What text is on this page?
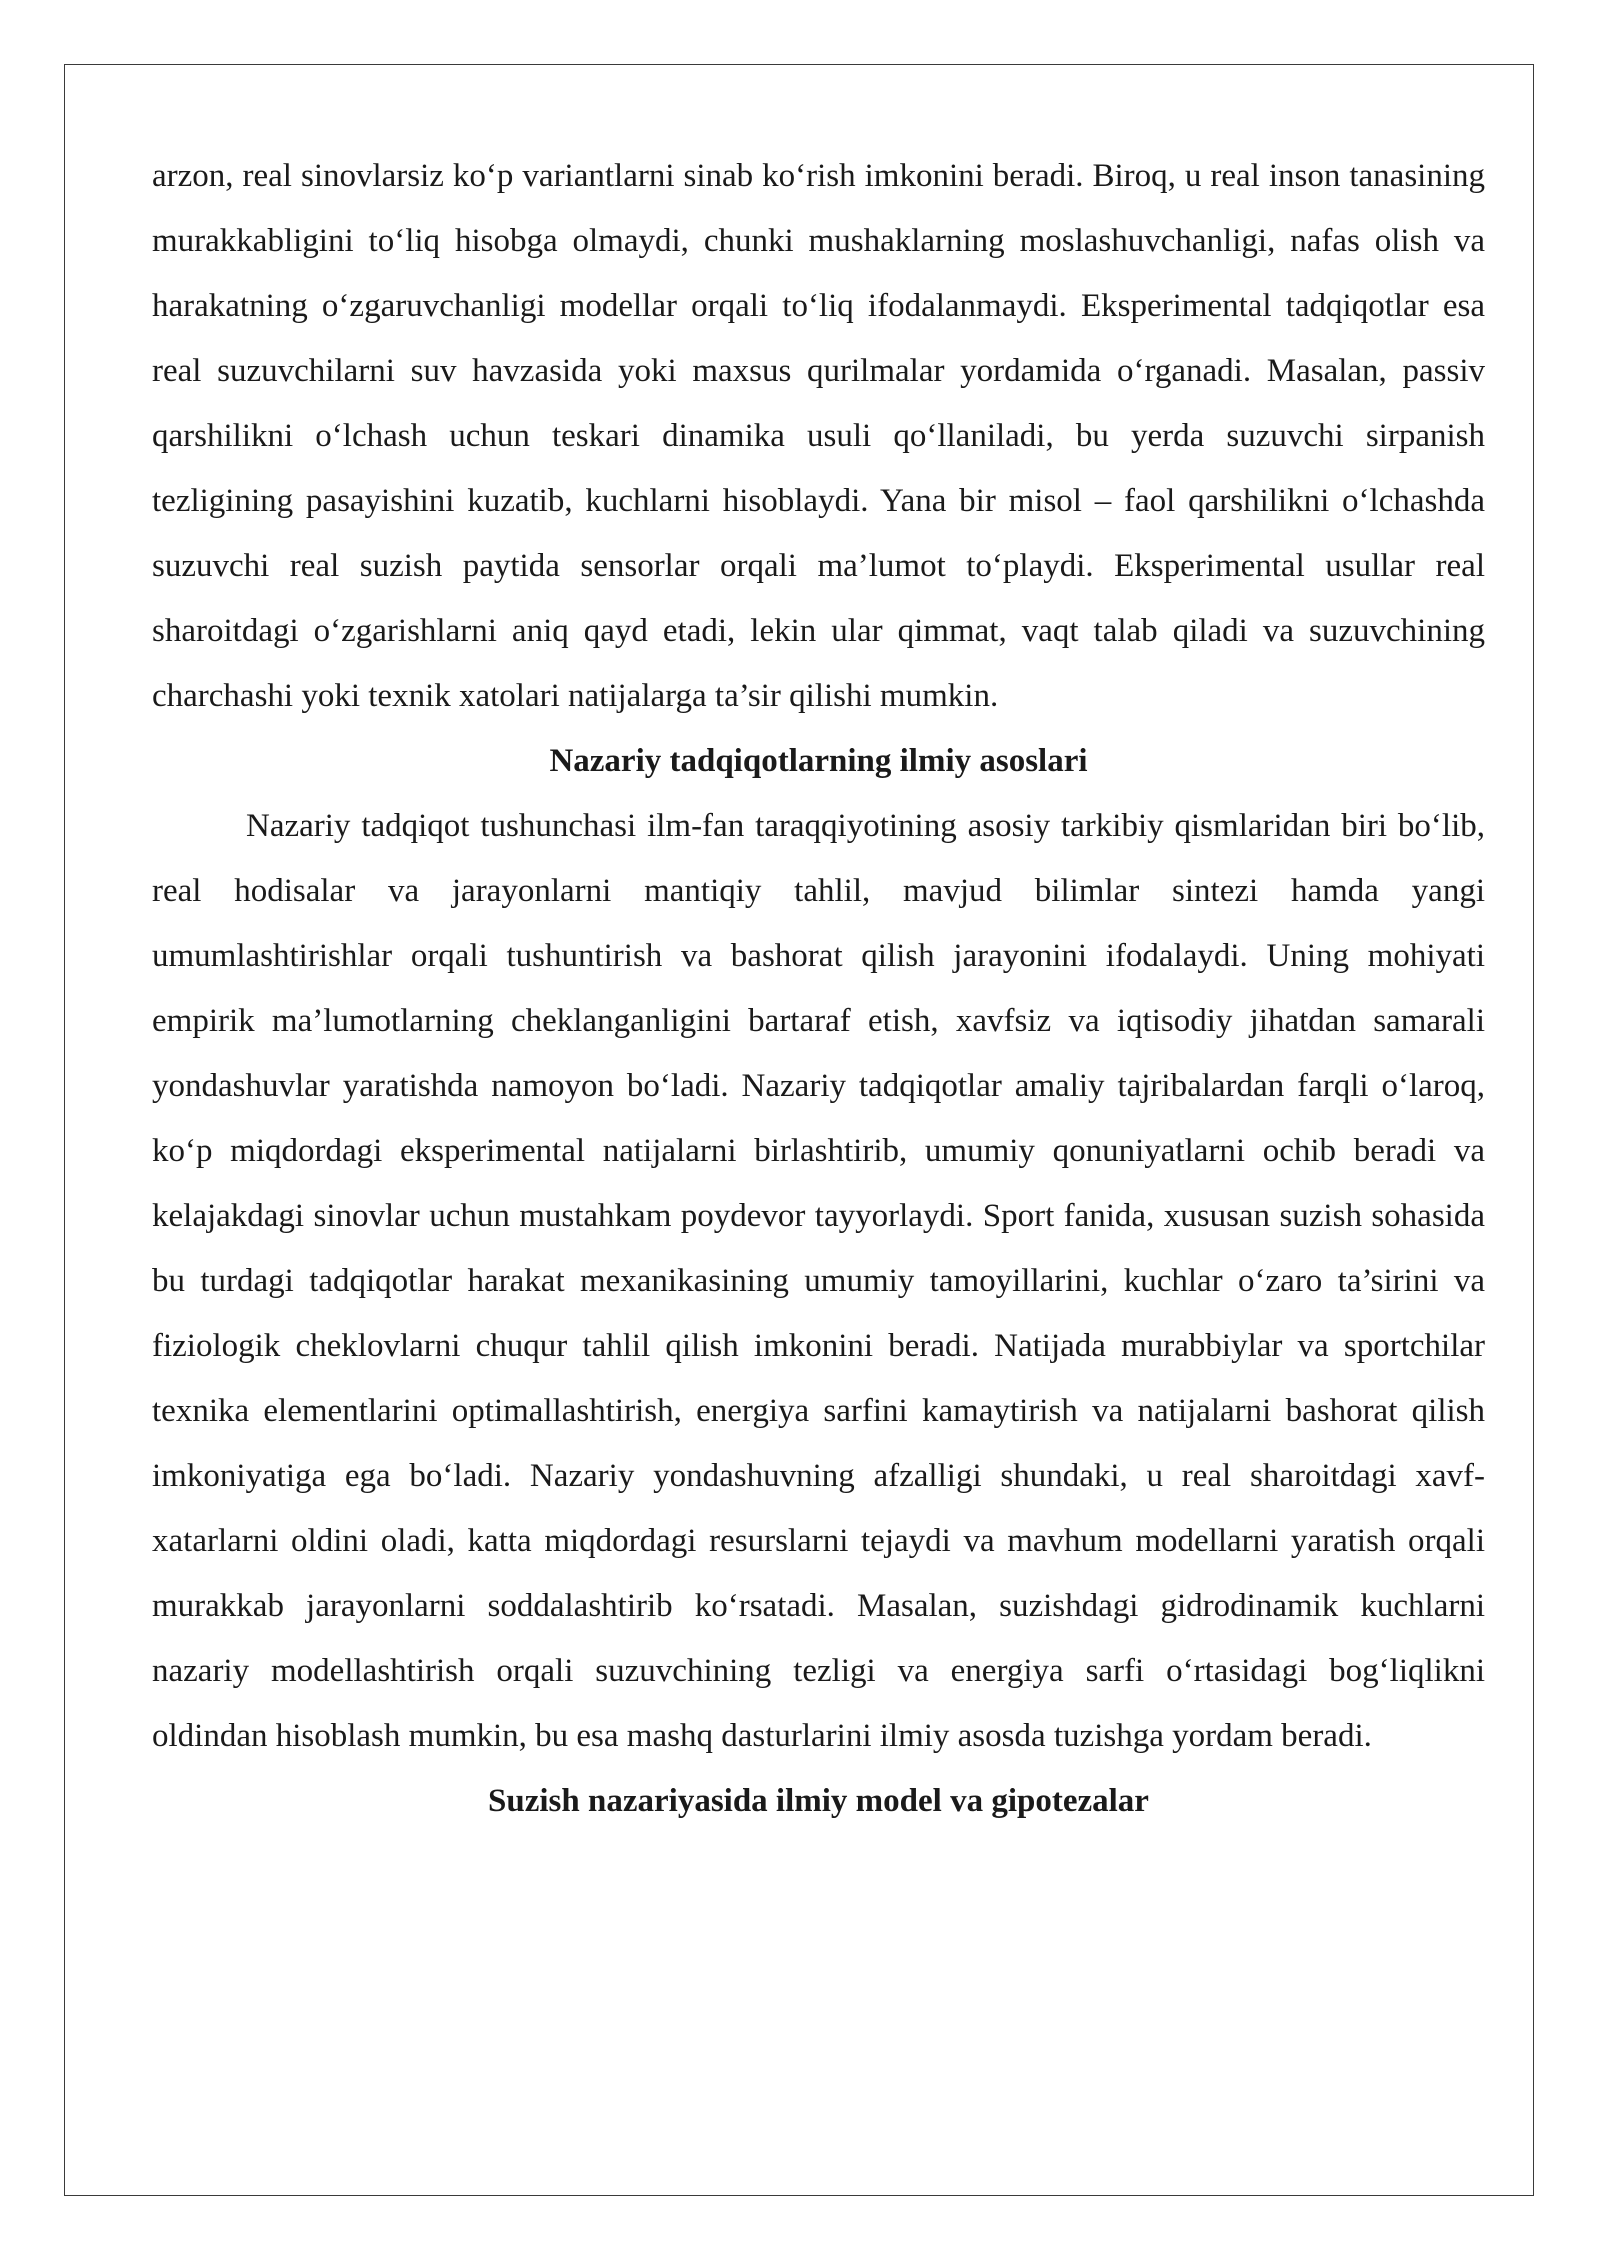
arzon, real sinovlarsiz ko‘p variantlarni sinab ko‘rish imkonini beradi. Biroq, u real inson tanasining murakkabligini to‘liq hisobga olmaydi, chunki mushaklarning moslashuvchanligi, nafas olish va harakatning o‘zgaruvchanligi modellar orqali to‘liq ifodalanmaydi. Eksperimental tadqiqotlar esa real suzuvchilarni suv havzasida yoki maxsus qurilmalar yordamida o‘rganadi. Masalan, passiv qarshilikni o‘lchash uchun teskari dinamika usuli qo‘llaniladi, bu yerda suzuvchi sirpanish tezligining pasayishini kuzatib, kuchlarni hisoblaydi. Yana bir misol – faol qarshilikni o‘lchashda suzuvchi real suzish paytida sensorlar orqali ma’lumot to‘playdi. Eksperimental usullar real sharoitdagi o‘zgarishlarni aniq qayd etadi, lekin ular qimmat, vaqt talab qiladi va suzuvchining charchashi yoki texnik xatolari natijalarga ta’sir qilishi mumkin.

Nazariy tadqiqotlarning ilmiy asoslari

Nazariy tadqiqot tushunchasi ilm-fan taraqqiyotining asosiy tarkibiy qismlaridan biri bo‘lib, real hodisalar va jarayonlarni mantiqiy tahlil, mavjud bilimlar sintezi hamda yangi umumlashtirishlar orqali tushuntirish va bashorat qilish jarayonini ifodalaydi. Uning mohiyati empirik ma’lumotlarning cheklanganligini bartaraf etish, xavfsiz va iqtisodiy jihatdan samarali yondashuvlar yaratishda namoyon bo‘ladi. Nazariy tadqiqotlar amaliy tajribalardan farqli o‘laroq, ko‘p miqdordagi eksperimental natijalarni birlashtirib, umumiy qonuniyatlarni ochib beradi va kelajakdagi sinovlar uchun mustahkam poydevor tayyorlaydi. Sport fanida, xususan suzish sohasida bu turdagi tadqiqotlar harakat mexanikasining umumiy tamoyillarini, kuchlar o‘zaro ta’sirini va fiziologik cheklovlarni chuqur tahlil qilish imkonini beradi. Natijada murabbiylar va sportchilar texnika elementlarini optimallashtirish, energiya sarfini kamaytirish va natijalarni bashorat qilish imkoniyatiga ega bo‘ladi. Nazariy yondashuvning afzalligi shundaki, u real sharoitdagi xavf-xatarlarni oldini oladi, katta miqdordagi resurslarni tejaydi va mavhum modellarni yaratish orqali murakkab jarayonlarni soddalashtirib ko‘rsatadi. Masalan, suzishdagi gidrodinamik kuchlarni nazariy modellashtirish orqali suzuvchining tezligi va energiya sarfi o‘rtasidagi bog‘liqlikni oldindan hisoblash mumkin, bu esa mashq dasturlarini ilmiy asosda tuzishga yordam beradi.

Suzish nazariyasida ilmiy model va gipotezalar
